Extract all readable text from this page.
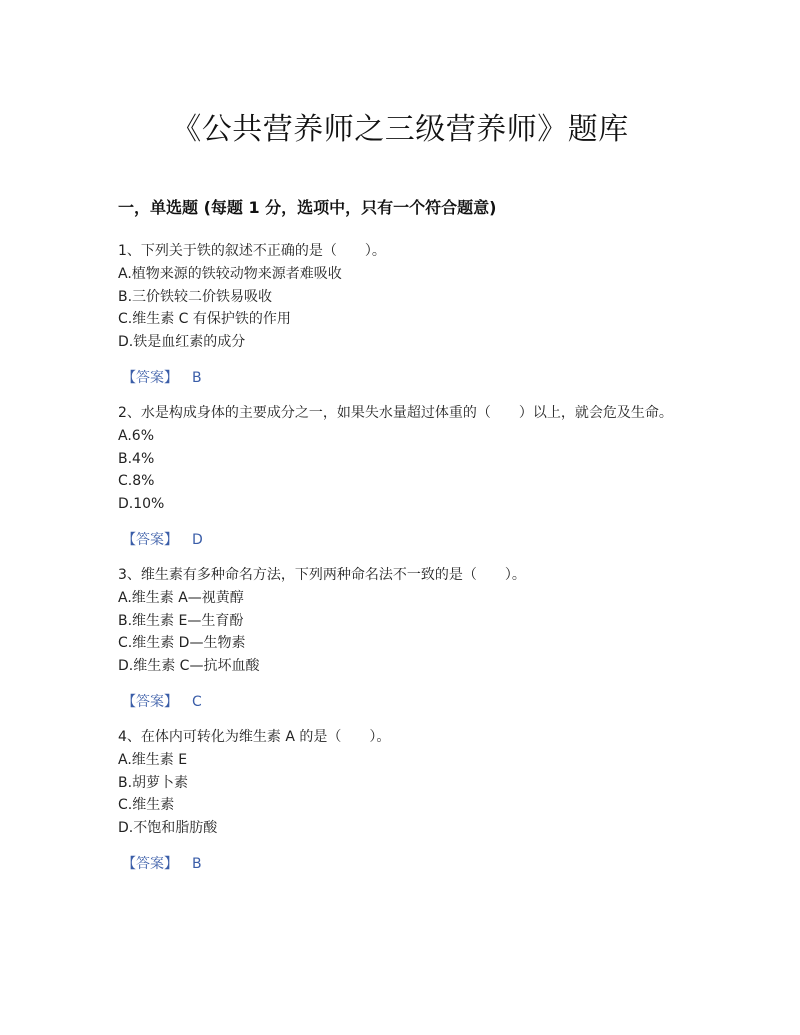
《公共营养师之三级营养师》题库
一，单选题 (每题 1 分，选项中，只有一个符合题意)
1、下列关于铁的叙述不正确的是（　　）。
A.植物来源的铁较动物来源者难吸收
B.三价铁较二价铁易吸收
C.维生素 C 有保护铁的作用
D.铁是血红素的成分
【答案】 B
2、水是构成身体的主要成分之一，如果失水量超过体重的（　　）以上，就会危及生命。
A.6%
B.4%
C.8%
D.10%
【答案】 D
3、维生素有多种命名方法，下列两种命名法不一致的是（　　）。
A.维生素 A—视黄醇
B.维生素 E—生育酚
C.维生素 D—生物素
D.维生素 C—抗坏血酸
【答案】 C
4、在体内可转化为维生素 A 的是（　　）。
A.维生素 E
B.胡萝卜素
C.维生素
D.不饱和脂肪酸
【答案】 B
